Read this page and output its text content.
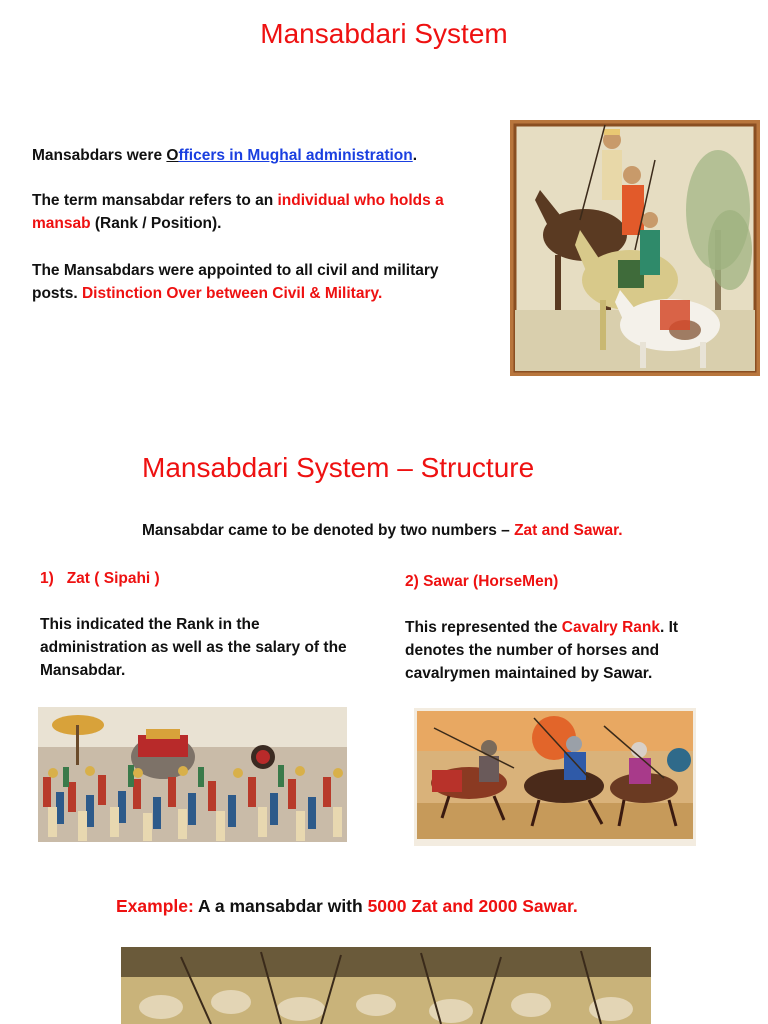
Mansabdari System
Mansabdars were Officers in Mughal administration.
The term mansabdar refers to an individual who holds a mansab (Rank / Position).
The Mansabdars were appointed to all civil and military posts. Distinction Over between Civil & Military.
Mansabdari System – Structure
Mansabdar came to be denoted by two numbers – Zat and Sawar.
1)   Zat ( Sipahi )
This indicated the Rank in the administration as well as the salary of the Mansabdar.
2) Sawar (HorseMen)
This represented the Cavalry Rank. It denotes the number of horses and cavalrymen maintained by Sawar.
Example: A a mansabdar with 5000 Zat and 2000 Sawar.
